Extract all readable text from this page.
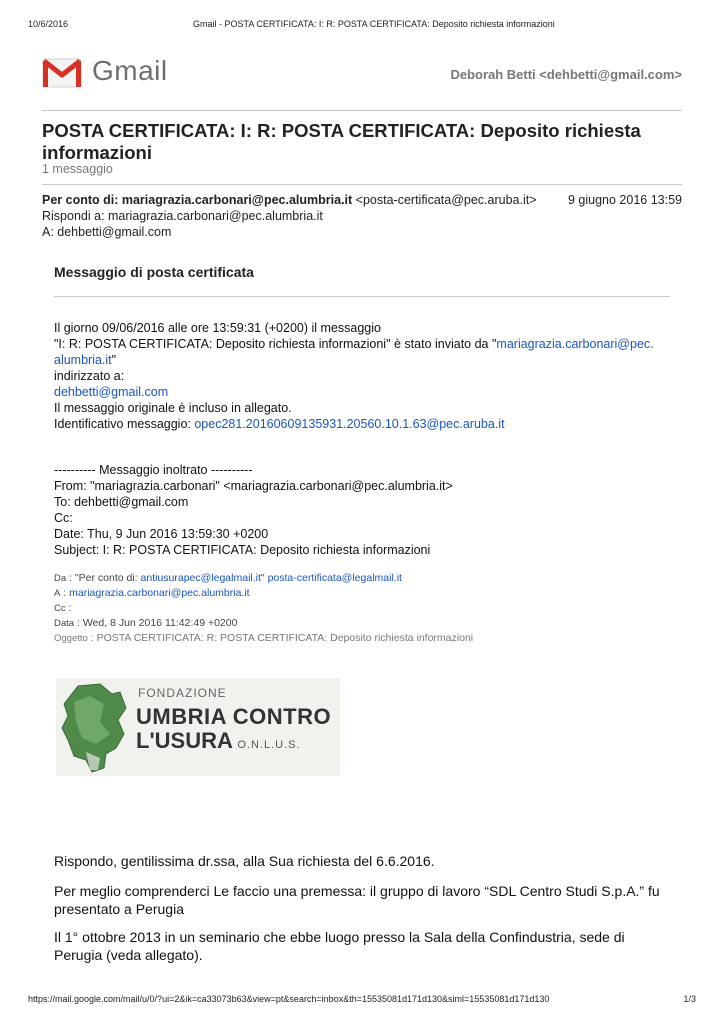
10/6/2016	Gmail - POSTA CERTIFICATA: I: R: POSTA CERTIFICATA: Deposito richiesta informazioni
Gmail	Deborah Betti <dehbetti@gmail.com>
POSTA CERTIFICATA: I: R: POSTA CERTIFICATA: Deposito richiesta
informazioni
1 messaggio
Per conto di: mariagrazia.carbonari@pec.alumbria.it <posta-certificata@pec.aruba.it>	9 giugno 2016 13:59
Rispondi a: mariagrazia.carbonari@pec.alumbria.it
A: dehbetti@gmail.com
Messaggio di posta certificata
Il giorno 09/06/2016 alle ore 13:59:31 (+0200) il messaggio
"I: R: POSTA CERTIFICATA: Deposito richiesta informazioni" è stato inviato da "mariagrazia.carbonari@pec.
alumbria.it"
indirizzato a:
dehbetti@gmail.com
Il messaggio originale è incluso in allegato.
Identificativo messaggio: opec281.20160609135931.20560.10.1.63@pec.aruba.it
---------- Messaggio inoltrato ----------
From: "mariagrazia.carbonari" <mariagrazia.carbonari@pec.alumbria.it>
To: dehbetti@gmail.com
Cc:
Date: Thu, 9 Jun 2016 13:59:30 +0200
Subject: I: R: POSTA CERTIFICATA: Deposito richiesta informazioni
Da : "Per conto di: antiusurapec@legalmail.it" posta-certificata@legalmail.it
A : mariagrazia.carbonari@pec.alumbria.it
Cc :
Data : Wed, 8 Jun 2016 11:42:49 +0200
Oggetto : POSTA CERTIFICATA: R: POSTA CERTIFICATA: Deposito richiesta informazioni
FONDAZIONE
UMBRIA CONTRO
L'USURA O.N.L.U.S.
Rispondo, gentilissima dr.ssa, alla Sua richiesta del 6.6.2016.
Per meglio comprenderci Le faccio una premessa: il gruppo di lavoro “SDL Centro Studi S.p.A.” fu
presentato a Perugia
Il 1° ottobre 2013 in un seminario che ebbe luogo presso la Sala della Confindustria, sede di
Perugia (veda allegato).
https://mail.google.com/mail/u/0/?ui=2&ik=ca33073b63&view=pt&search=inbox&th=15535081d171d130&siml=15535081d171d130	1/3
